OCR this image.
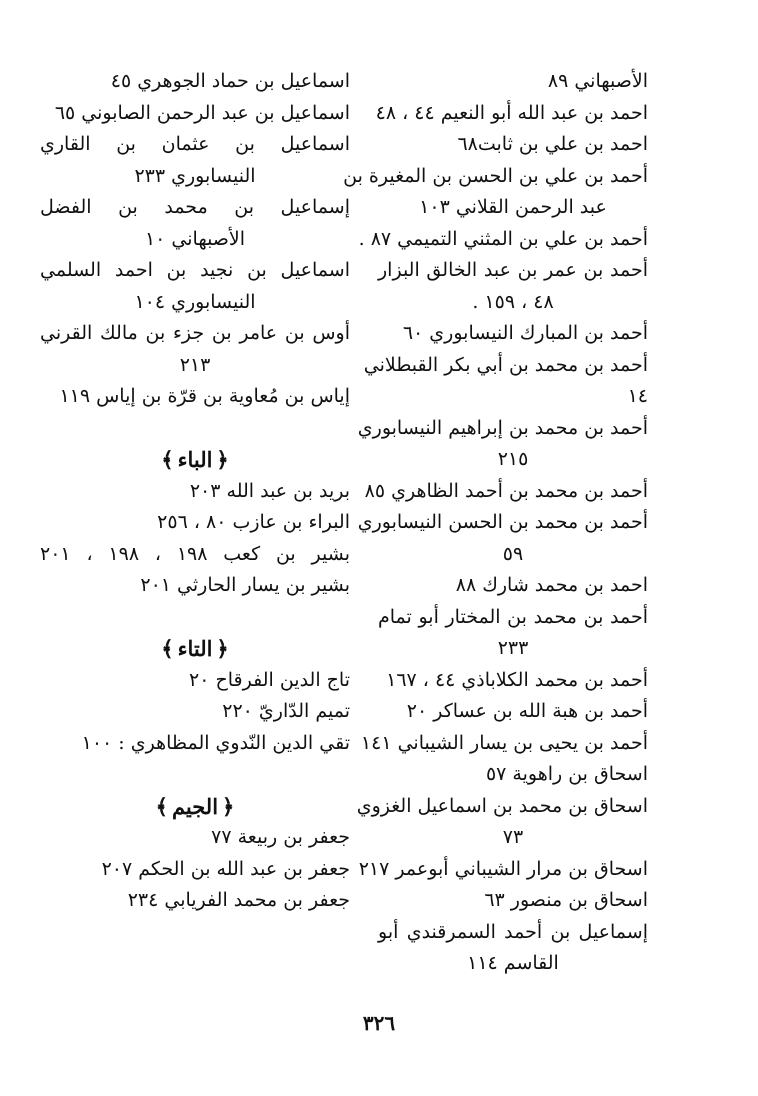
الأصبهاني ٨٩
احمد بن عبد الله أبو النعيم ٤٤ ، ٤٨
احمد بن علي بن ثابت٦٨
أحمد بن علي بن الحسن بن المغيرة بن
عبد الرحمن القلاني ١٠٣
أحمد بن علي بن المثني التميمي ٨٧ .
أحمد بن عمر بن عبد الخالق البزار
٤٨ ، ١٥٩ .
أحمد بن المبارك النيسابوري ٦٠
أحمد بن محمد بن أبي بكر القبطلاني
١٤
أحمد بن محمد بن إبراهيم النيسابوري
٢١٥
أحمد بن محمد بن أحمد الظاهري ٨٥
أحمد بن محمد بن الحسن النيسابوري
٥٩
احمد بن محمد شارك ٨٨
أحمد بن محمد بن المختار أبو تمام
٢٣٣
أحمد بن محمد الكلاباذي ٤٤ ، ١٦٧
أحمد بن هبة الله بن عساكر ٢٠
أحمد بن يحيى بن يسار الشيباني ١٤١
اسحاق بن راهوية ٥٧
اسحاق بن محمد بن اسماعيل الغزوي
٧٣
اسحاق بن مرار الشيباني أبوعمر ٢١٧
اسحاق بن منصور ٦٣
إسماعيل بن أحمد السمرقندي أبو
القاسم ١١٤
اسماعيل بن حماد الجوهري ٤٥
اسماعيل بن عبد الرحمن الصابوني ٦٥
اسماعيل بن عثمان بن القاري
النيسابوري ٢٣٣
إسماعيل بن محمد بن الفضل
الأصبهاني ١٠
اسماعيل بن نجيد بن احمد السلمي
النيسابوري ١٠٤
أوس بن عامر بن جزء بن مالك القرني
٢١٣
إياس بن مُعاوية بن قرّة بن إياس ١١٩
﴿الباء﴾
بريد بن عبد الله ٢٠٣
البراء بن عازب ٨٠ ، ٢٥٦
بشير بن كعب ١٩٨ ، ١٩٨ ، ٢٠١
بشير بن يسار الحارثي ٢٠١
﴿التاء﴾
تاج الدين الفرقاح ٢٠
تميم الدّاريّ ٢٢٠
تقي الدين النّدوي المظاهري : ١٠٠
﴿الجيم﴾
جعفر بن ربيعة ٧٧
جعفر بن عبد الله بن الحكم ٢٠٧
جعفر بن محمد الفريابي ٢٣٤
٣٢٦
